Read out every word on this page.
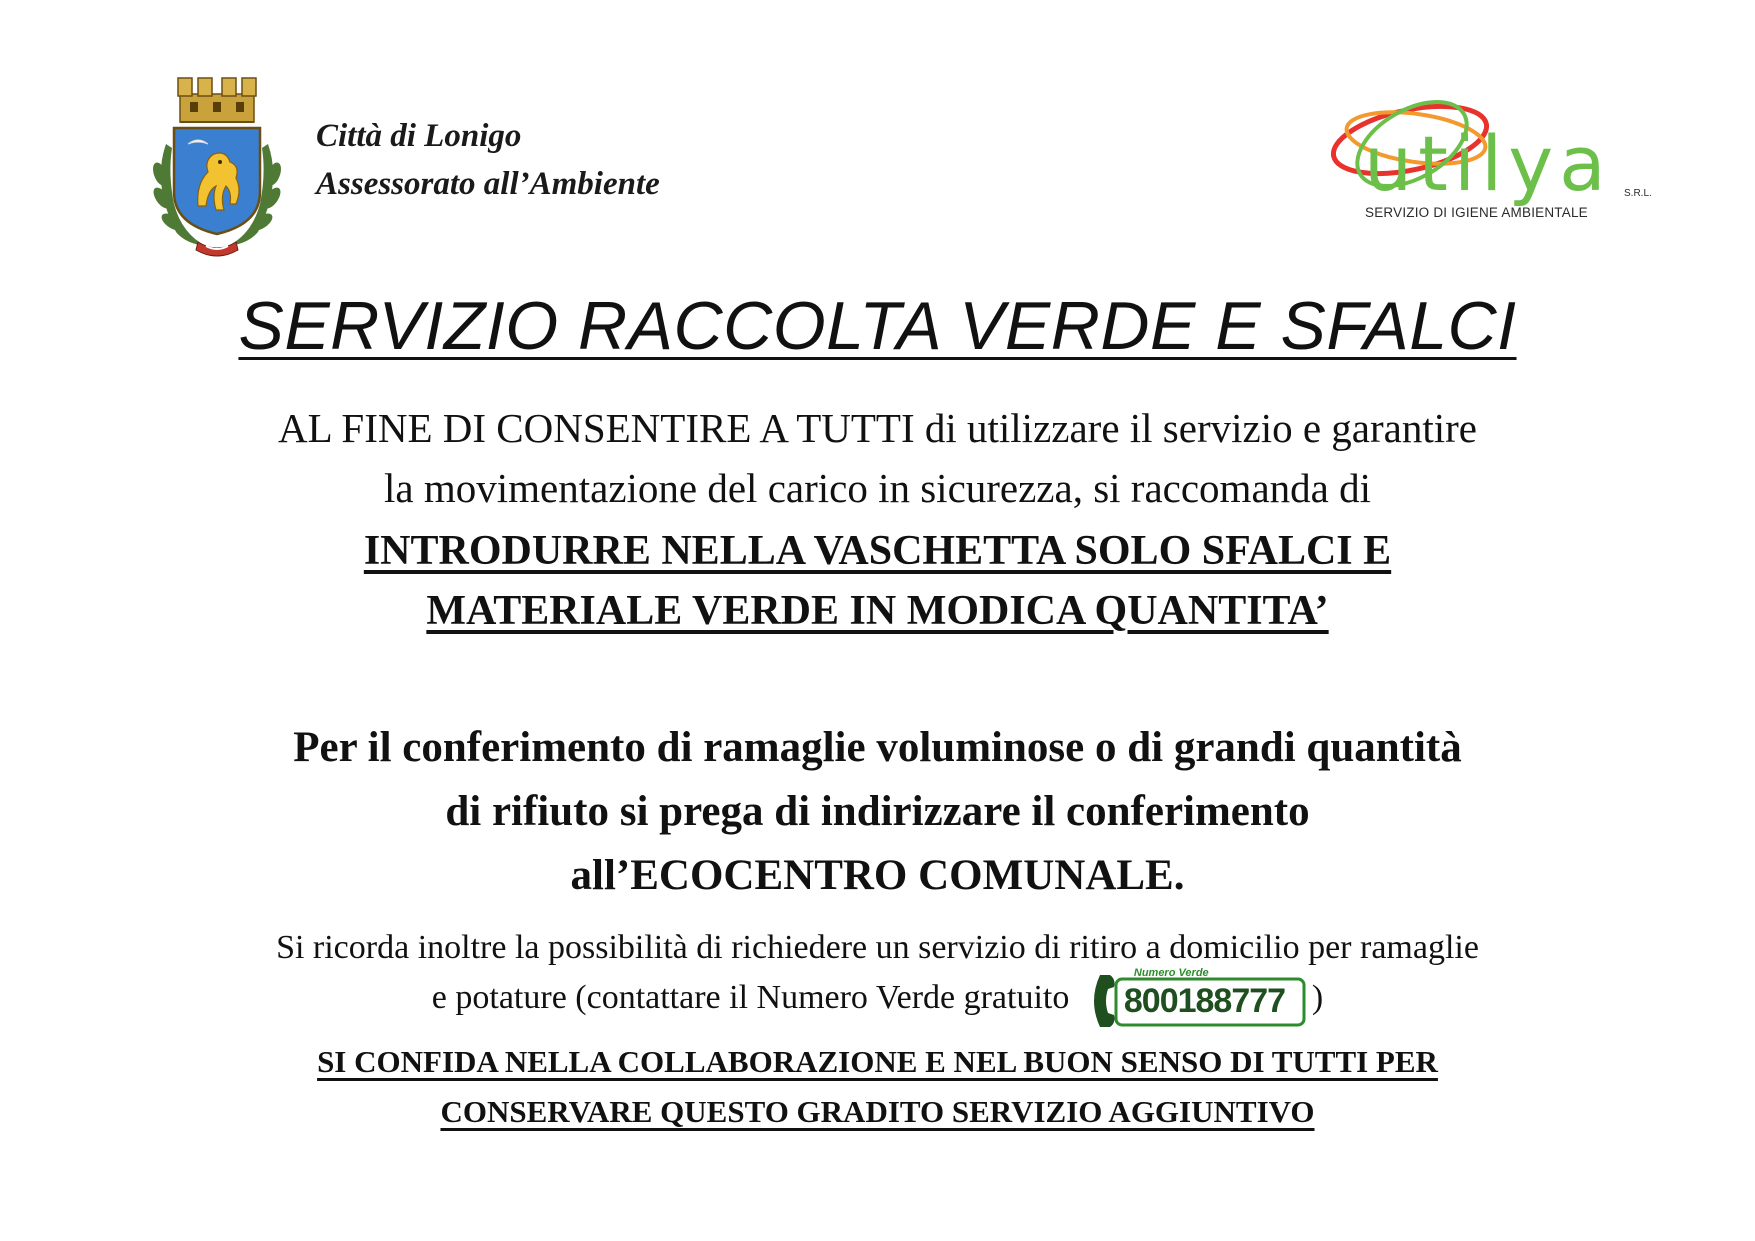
Città di Lonigo
Assessorato all’Ambiente	utilya S.R.L.
SERVIZIO DI IGIENE AMBIENTALE
SERVIZIO RACCOLTA VERDE E SFALCI

AL FINE DI CONSENTIRE A TUTTI di utilizzare il servizio e garantire

la movimentazione del carico in sicurezza, si raccomanda di

INTRODURRE NELLA VASCHETTA SOLO SFALCI E

MATERIALE VERDE IN MODICA QUANTITA’

Per il conferimento di ramaglie voluminose o di grandi quantità

di rifiuto si prega di indirizzare il conferimento

all’ECOCENTRO COMUNALE.

Si ricorda inoltre la possibilità di richiedere un servizio di ritiro a domicilio per ramaglie

e potature (contattare il Numero Verde gratuito
Numero Verde
800188777 )

SI CONFIDA NELLA COLLABORAZIONE E NEL BUON SENSO DI TUTTI PER

CONSERVARE QUESTO GRADITO SERVIZIO AGGIUNTIVO
